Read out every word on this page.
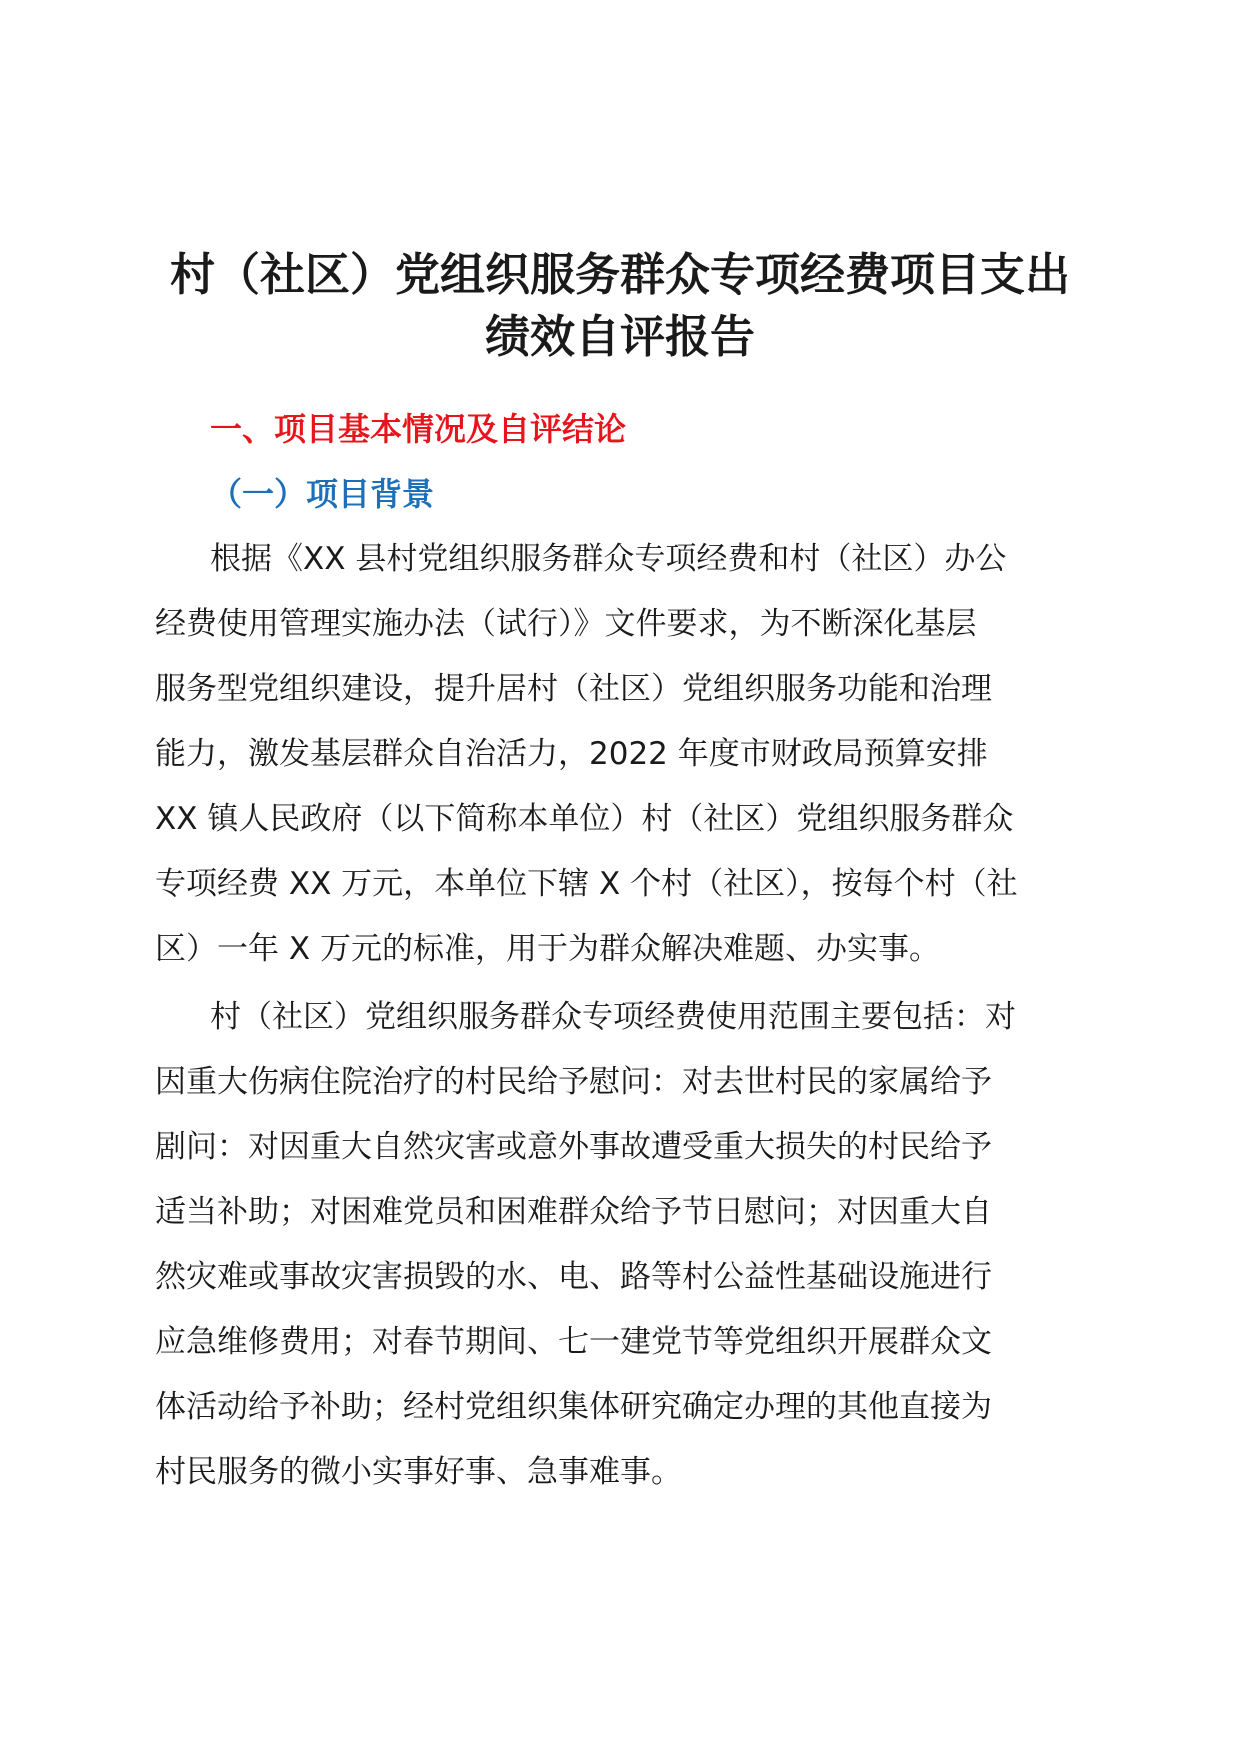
村（社区）党组织服务群众专项经费项目支出
绩效自评报告
一、项目基本情况及自评结论
（一）项目背景

根据《XX 县村党组织服务群众专项经费和村（社区）办公
经费使用管理实施办法（试行）》文件要求，为不断深化基层
服务型党组织建设，提升居村（社区）党组织服务功能和治理
能力，激发基层群众自治活力，2022 年度市财政局预算安排
XX 镇人民政府（以下简称本单位）村（社区）党组织服务群众
专项经费 XX 万元，本单位下辖 X 个村（社区），按每个村（社
区）一年 X 万元的标准，用于为群众解决难题、办实事。

村（社区）党组织服务群众专项经费使用范围主要包括：对
因重大伤病住院治疗的村民给予慰问：对去世村民的家属给予
剧问：对因重大自然灾害或意外事故遭受重大损失的村民给予
适当补助；对困难党员和困难群众给予节日慰问；对因重大自
然灾难或事故灾害损毁的水、电、路等村公益性基础设施进行
应急维修费用；对春节期间、七一建党节等党组织开展群众文
体活动给予补助；经村党组织集体研究确定办理的其他直接为
村民服务的微小实事好事、急事难事。
